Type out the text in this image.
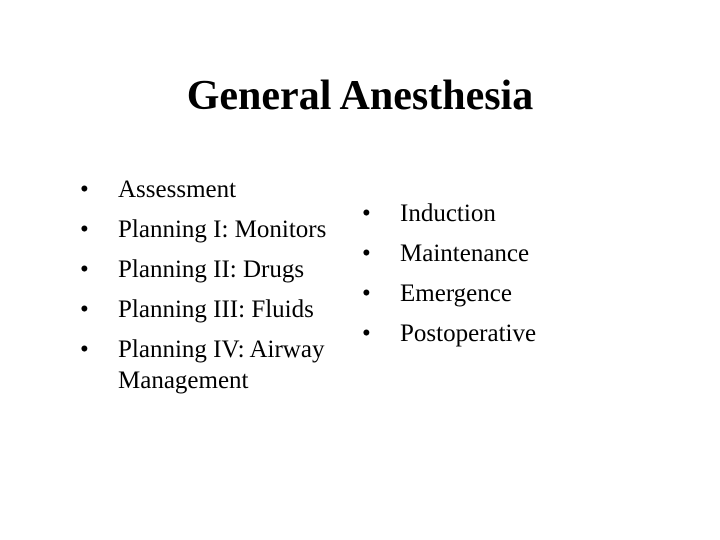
General Anesthesia
•	Assessment
•	Planning I: Monitors
•	Planning II: Drugs
•	Planning III: Fluids
•	Planning IV: Airway
Management
•	Induction
•	Maintenance
•	Emergence
•	Postoperative
